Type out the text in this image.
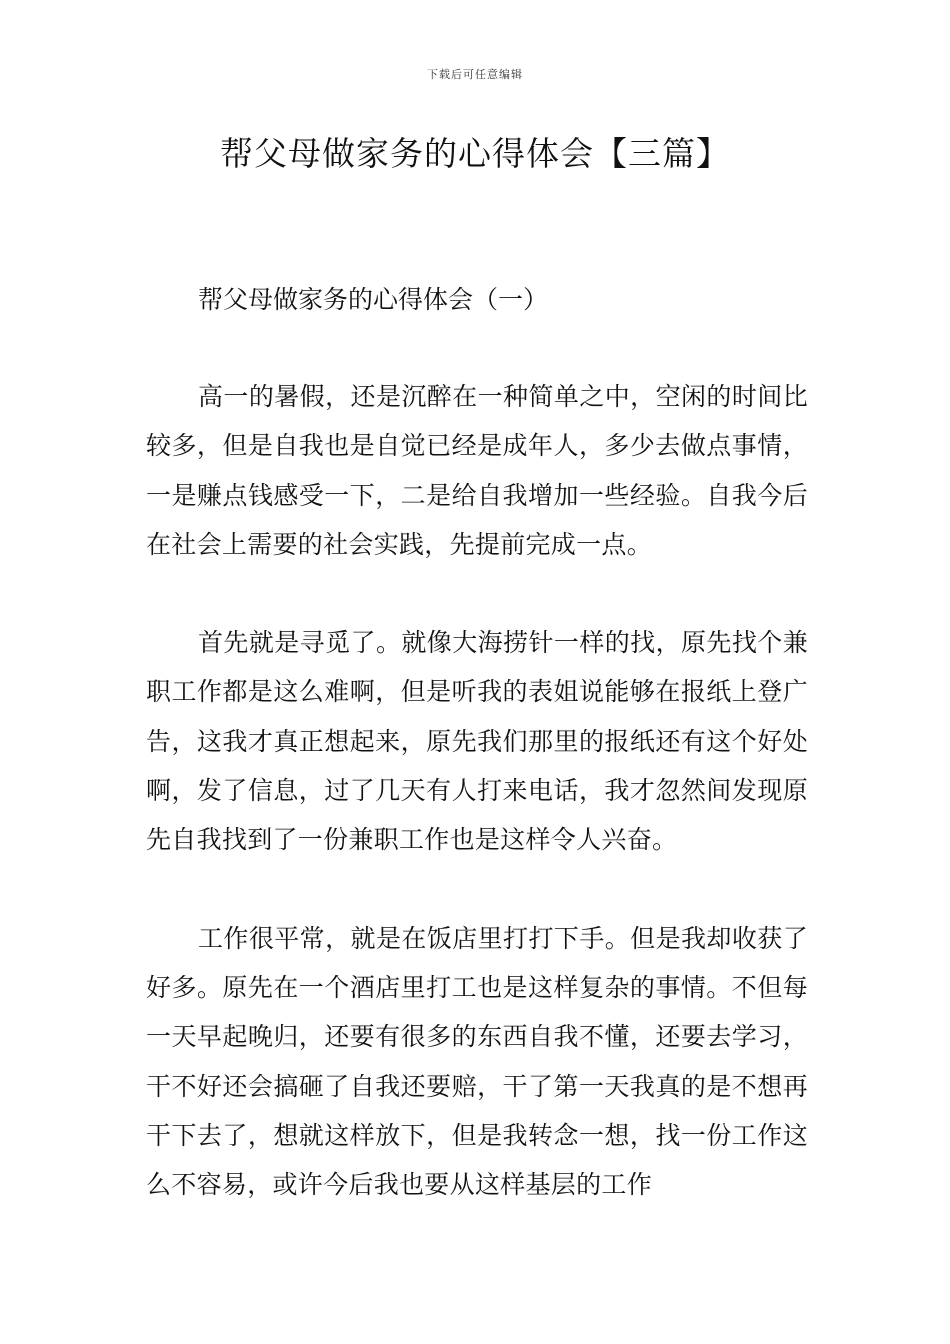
下载后可任意编辑
帮父母做家务的心得体会【三篇】

帮父母做家务的心得体会（一）

高一的暑假，还是沉醉在一种简单之中，空闲的时间比较多，但是自我也是自觉已经是成年人，多少去做点事情，一是赚点钱感受一下，二是给自我增加一些经验。自我今后在社会上需要的社会实践，先提前完成一点。

首先就是寻觅了。就像大海捞针一样的找，原先找个兼职工作都是这么难啊，但是听我的表姐说能够在报纸上登广告，这我才真正想起来，原先我们那里的报纸还有这个好处啊，发了信息，过了几天有人打来电话，我才忽然间发现原先自我找到了一份兼职工作也是这样令人兴奋。

工作很平常，就是在饭店里打打下手。但是我却收获了好多。原先在一个酒店里打工也是这样复杂的事情。不但每一天早起晚归，还要有很多的东西自我不懂，还要去学习，干不好还会搞砸了自我还要赔，干了第一天我真的是不想再干下去了，想就这样放下，但是我转念一想，找一份工作这么不容易，或许今后我也要从这样基层的工作
